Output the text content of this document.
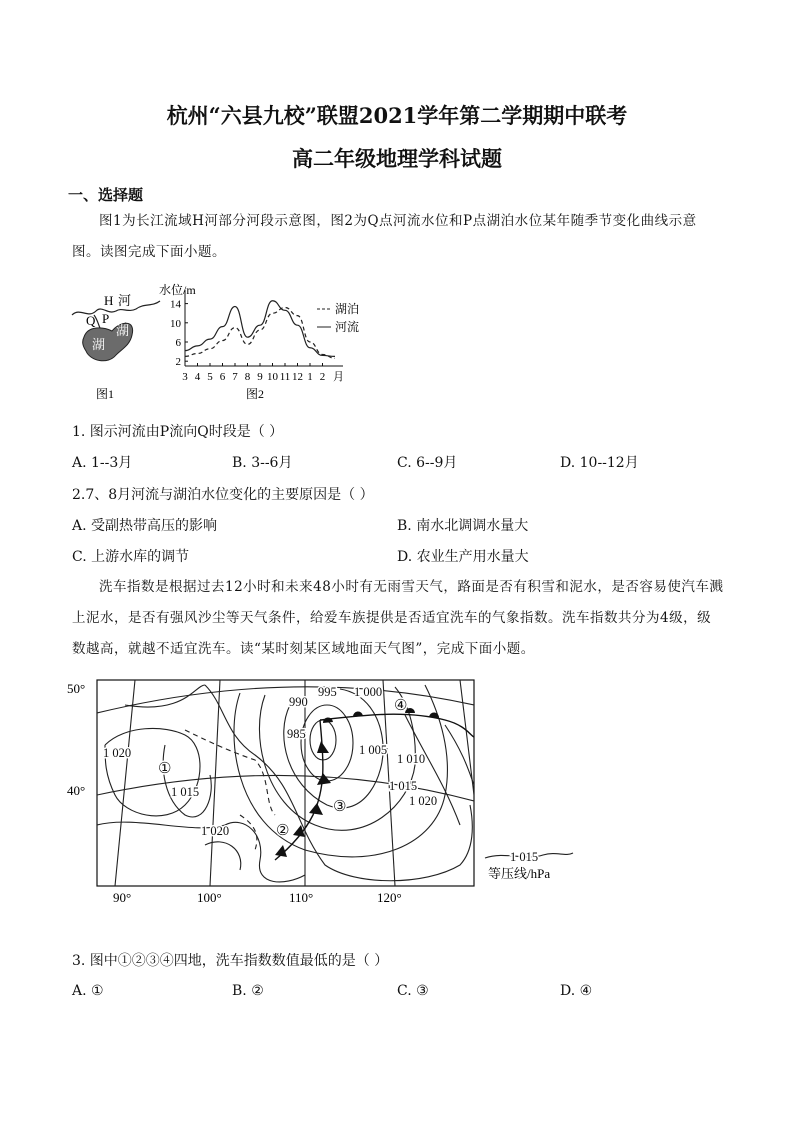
杭州“六县九校”联盟2021学年第二学期期中联考
高二年级地理学科试题
一、选择题
图1为长江流域H河部分河段示意图，图2为Q点河流水位和P点湖泊水位某年随季节变化曲线示意图。读图完成下面小题。
H 河
Q P
湖
湖
图1
水位/m
2
6
10
14
3 4 5 6 7 8 9 10 11 12 1 2 月
湖泊
河流
图2
1. 图示河流由P流向Q时段是（ ）
A. 1--3月	B. 3--6月	C. 6--9月	D. 10--12月
2.7、8月河流与湖泊水位变化的主要原因是（ ）
A. 受副热带高压的影响	B. 南水北调调水量大
C. 上游水库的调节	D. 农业生产用水量大
洗车指数是根据过去12小时和未来48小时有无雨雪天气，路面是否有积雪和泥水，是否容易使汽车溅上泥水，是否有强风沙尘等天气条件，给爱车族提供是否适宜洗车的气象指数。洗车指数共分为4级，级数越高，就越不适宜洗车。读“某时刻某区域地面天气图”，完成下面小题。
50°
40°
90°	100°	110°	120°
990
995 1 000
985
1 020
1 015
1 005
1 010
1 015
1 020
1 020
①
②
③
④
1 015
等压线/hPa
3. 图中①②③④四地，洗车指数数值最低的是（ ）
A. ①	B. ②	C. ③	D. ④
